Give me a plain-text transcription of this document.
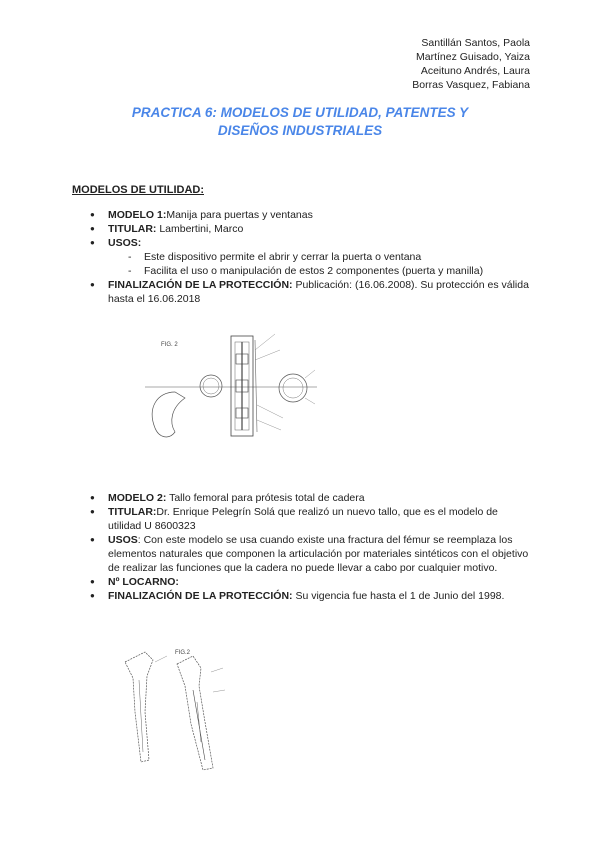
Santillán Santos, Paola
Martínez Guisado, Yaiza
Aceituno Andrés, Laura
Borras Vasquez, Fabiana
PRACTICA 6: MODELOS DE UTILIDAD, PATENTES Y DISEÑOS INDUSTRIALES
MODELOS DE UTILIDAD:
● MODELO 1:Manija para puertas y ventanas
● TITULAR: Lambertini, Marco
● USOS:
- Este dispositivo permite el abrir y cerrar la puerta o ventana
- Facilita el uso o manipulación de estos 2 componentes (puerta y manilla)
● FINALIZACIÓN DE LA PROTECCIÓN: Publicación: (16.06.2008). Su protección es válida hasta el 16.06.2018
FIG. 2
● MODELO 2: Tallo femoral para prótesis total de cadera
● TITULAR:Dr. Enrique Pelegrín Solá que realizó un nuevo tallo, que es el modelo de utilidad U 8600323
● USOS: Con este modelo se usa cuando existe una fractura del fémur se reemplaza los elementos naturales que componen la articulación por materiales sintéticos con el objetivo de realizar las funciones que la cadera no puede llevar a cabo por cualquier motivo.
● Nº LOCARNO:
● FINALIZACIÓN DE LA PROTECCIÓN: Su vigencia fue hasta el 1 de Junio del 1998.
FIG.2
